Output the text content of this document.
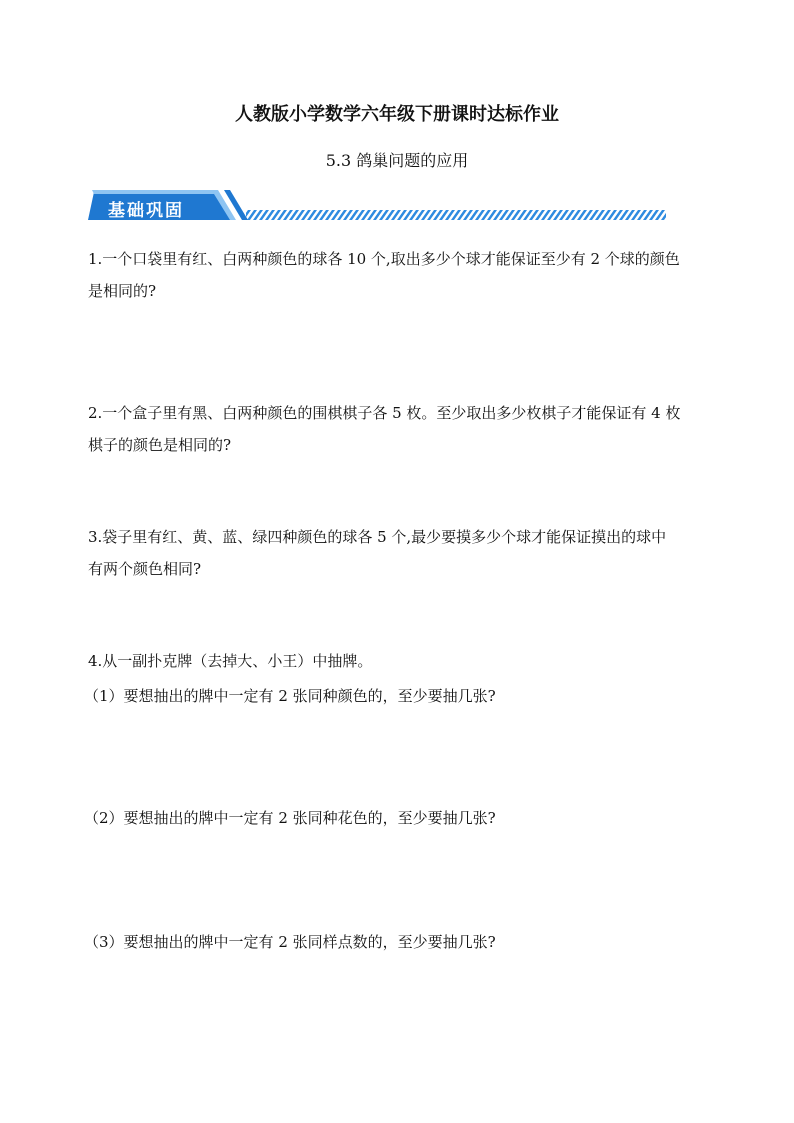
人教版小学数学六年级下册课时达标作业
5.3 鸽巢问题的应用
基础巩固
1.一个口袋里有红、白两种颜色的球各 10 个,取出多少个球才能保证至少有 2 个球的颜色
是相同的?
2.一个盒子里有黑、白两种颜色的围棋棋子各 5 枚。至少取出多少枚棋子才能保证有 4 枚
棋子的颜色是相同的?
3.袋子里有红、黄、蓝、绿四种颜色的球各 5 个,最少要摸多少个球才能保证摸出的球中
有两个颜色相同?
4.从一副扑克牌（去掉大、小王）中抽牌。
（1）要想抽出的牌中一定有 2 张同种颜色的，至少要抽几张?
（2）要想抽出的牌中一定有 2 张同种花色的，至少要抽几张?
（3）要想抽出的牌中一定有 2 张同样点数的，至少要抽几张?
